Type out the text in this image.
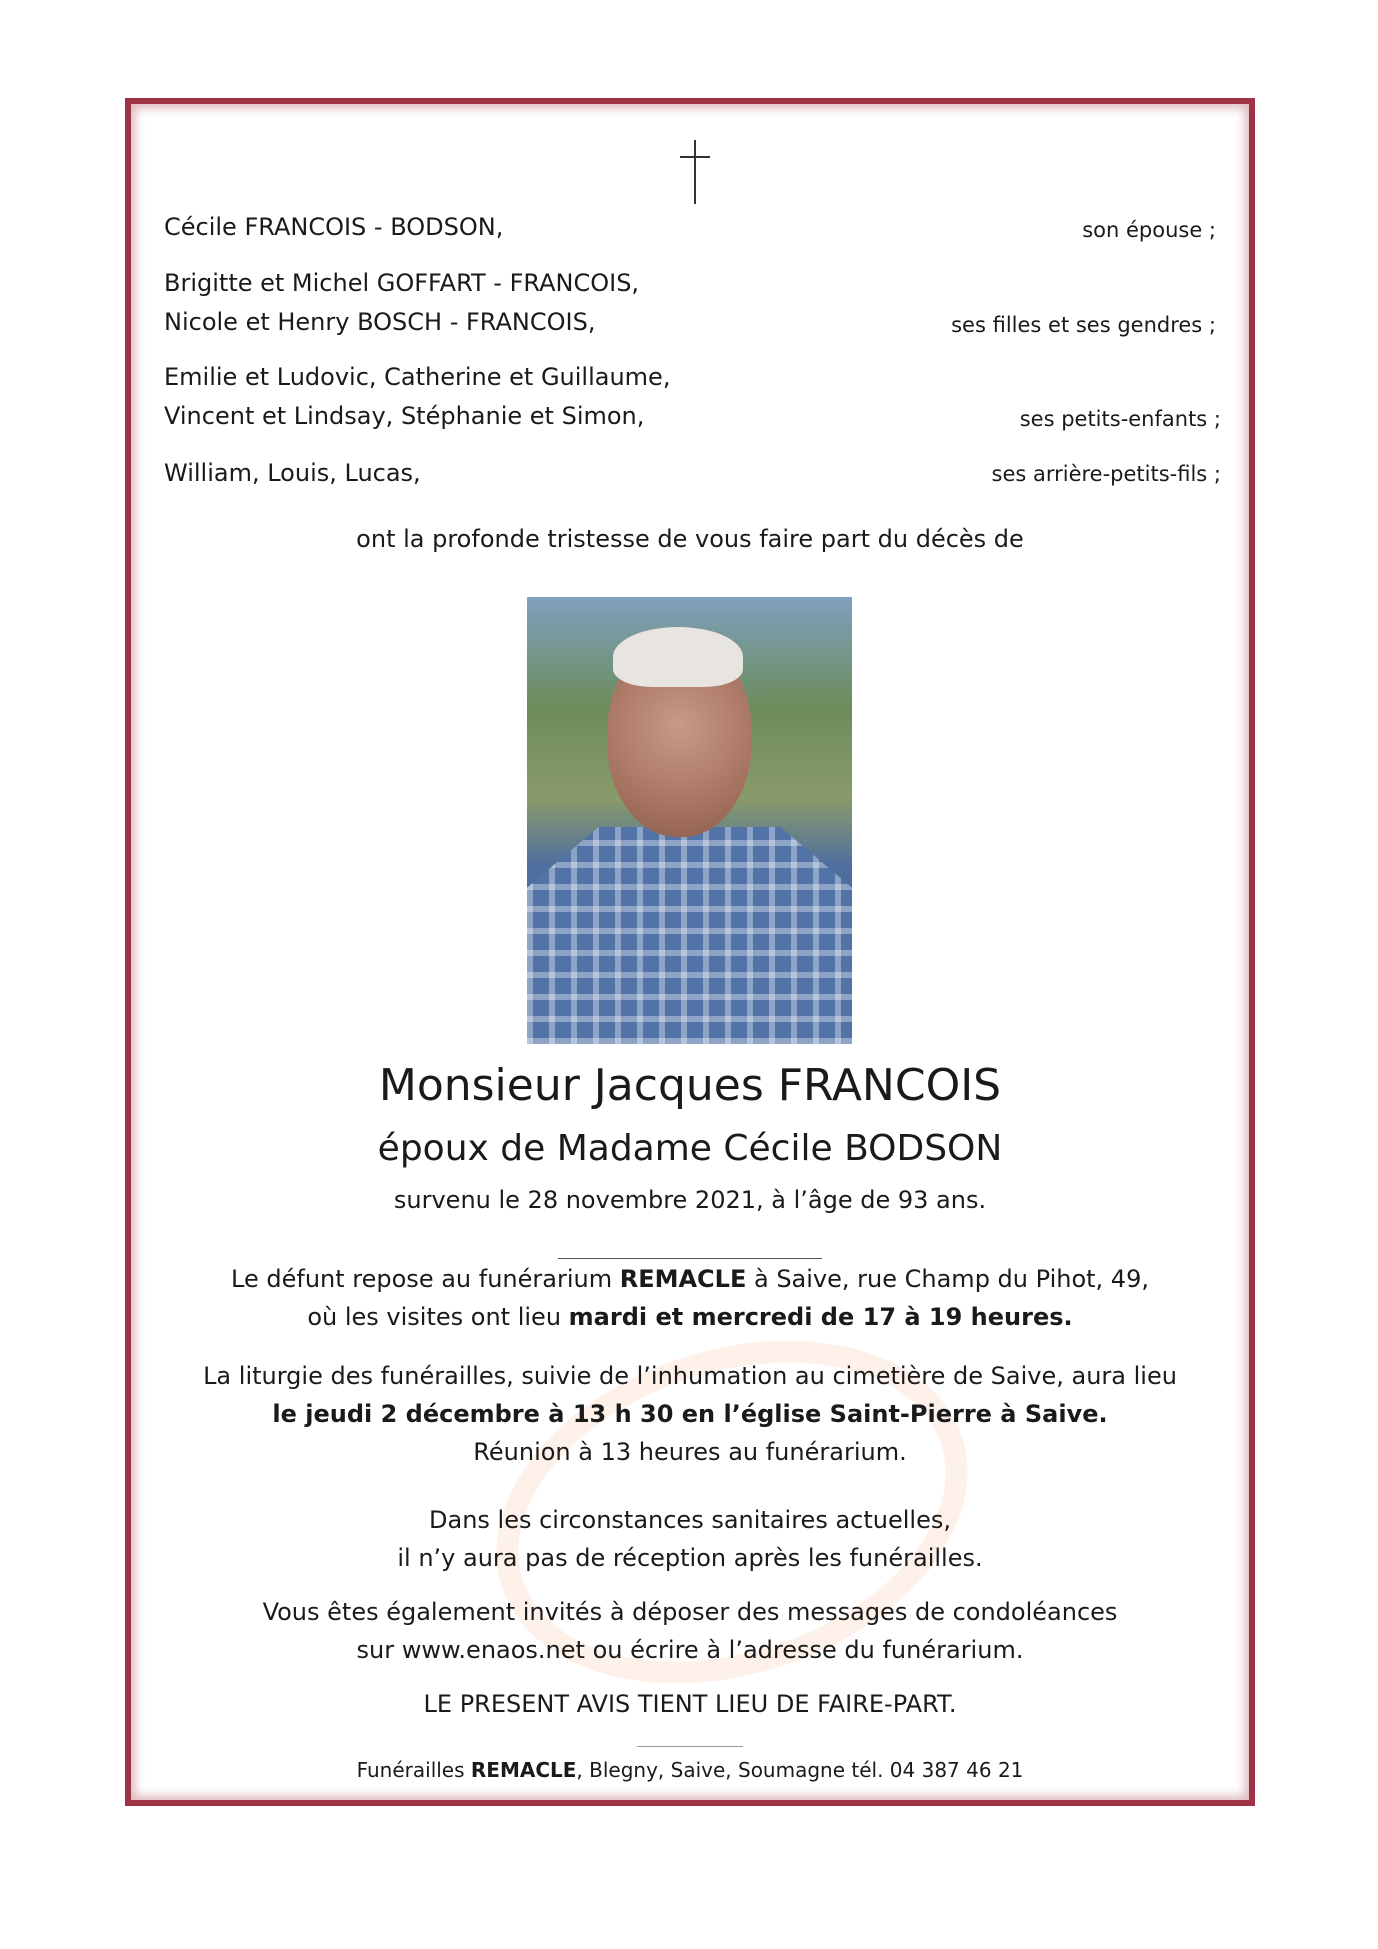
Cécile FRANCOIS - BODSON,	son épouse ;
Brigitte et Michel GOFFART - FRANCOIS,
Nicole et Henry BOSCH - FRANCOIS,	ses filles et ses gendres ;
Emilie et Ludovic, Catherine et Guillaume,
Vincent et Lindsay, Stéphanie et Simon,	ses petits-enfants ;
William, Louis, Lucas,	ses arrière-petits-fils ;
ont la profonde tristesse de vous faire part du décès de
Monsieur Jacques FRANCOIS
époux de Madame Cécile BODSON
survenu le 28 novembre 2021, à l’âge de 93 ans.
Le défunt repose au funérarium REMACLE à Saive, rue Champ du Pihot, 49,
où les visites ont lieu mardi et mercredi de 17 à 19 heures.
La liturgie des funérailles, suivie de l’inhumation au cimetière de Saive, aura lieu
le jeudi 2 décembre à 13 h 30 en l’église Saint-Pierre à Saive.
Réunion à 13 heures au funérarium.
Dans les circonstances sanitaires actuelles,
il n’y aura pas de réception après les funérailles.
Vous êtes également invités à déposer des messages de condoléances
sur www.enaos.net ou écrire à l’adresse du funérarium.
LE PRESENT AVIS TIENT LIEU DE FAIRE-PART.
Funérailles REMACLE, Blegny, Saive, Soumagne tél. 04 387 46 21
